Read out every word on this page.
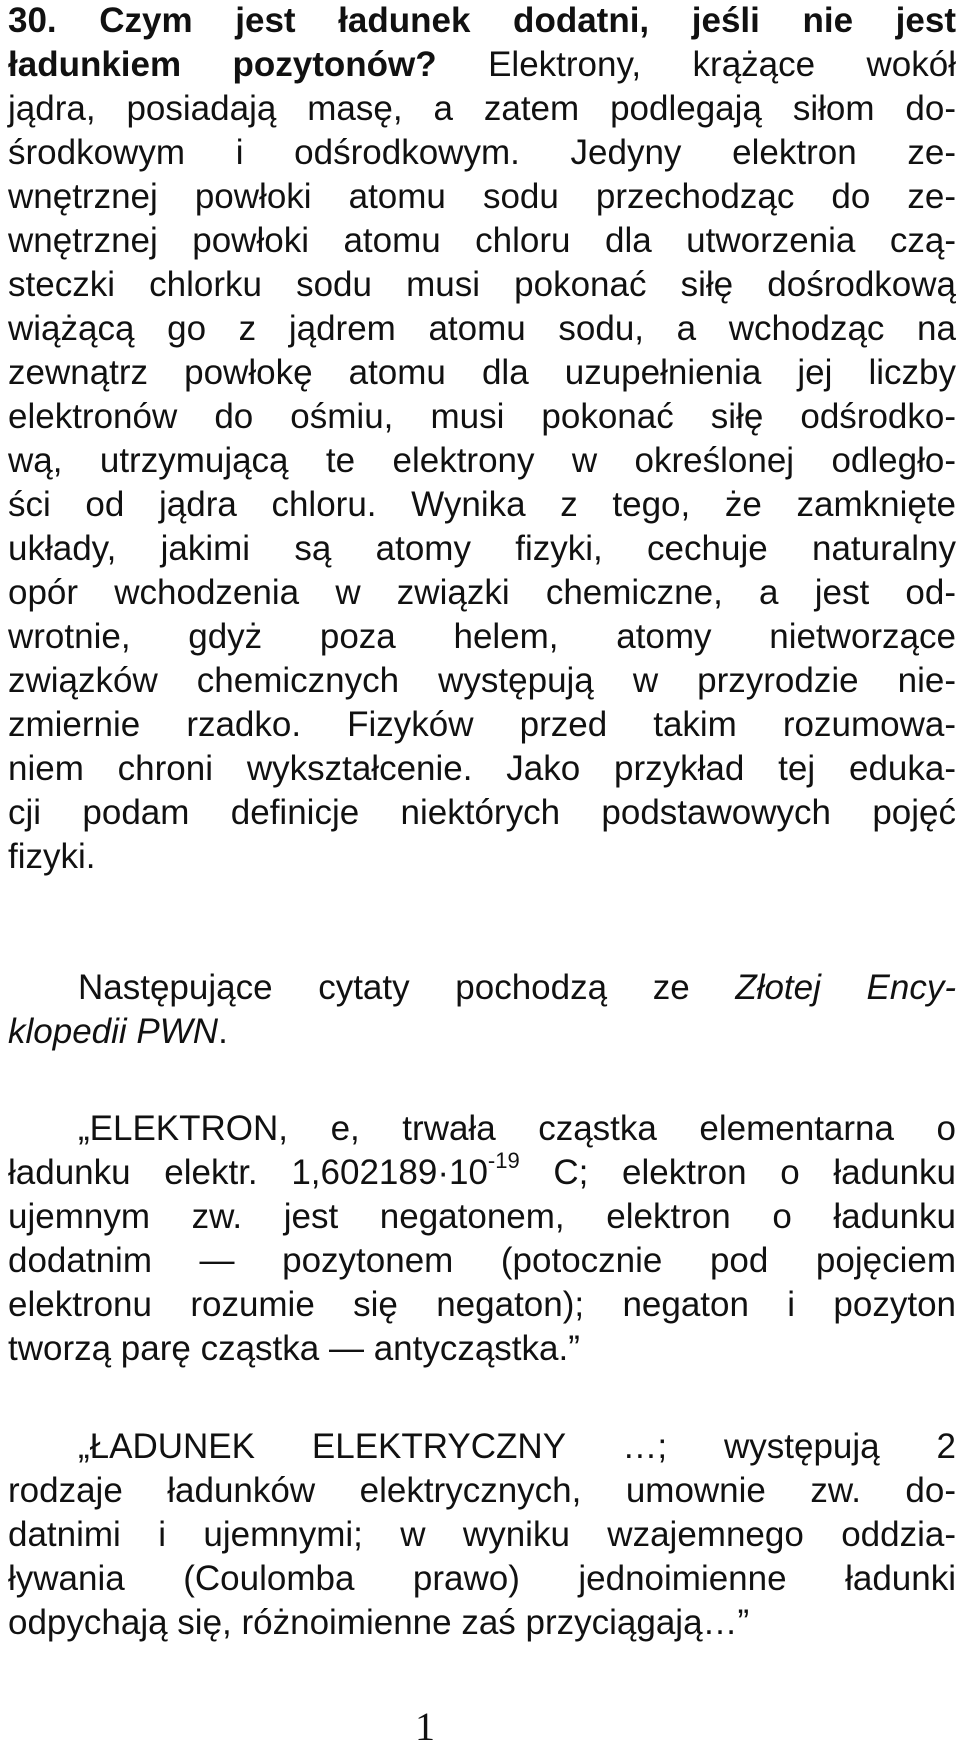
30. Czym jest ładunek dodatni, jeśli nie jest
ładunkiem pozytonów? Elektrony, krążące wokół
jądra, posiadają masę, a zatem podlegają siłom do-
środkowym i odśrodkowym. Jedyny elektron ze-
wnętrznej powłoki atomu sodu przechodząc do ze-
wnętrznej powłoki atomu chloru dla utworzenia czą-
steczki chlorku sodu musi pokonać siłę dośrodkową
wiążącą go z jądrem atomu sodu, a wchodząc na
zewnątrz powłokę atomu dla uzupełnienia jej liczby
elektronów do ośmiu, musi pokonać siłę odśrodko-
wą, utrzymującą te elektrony w określonej odległo-
ści od jądra chloru. Wynika z tego, że zamknięte
układy, jakimi są atomy fizyki, cechuje naturalny
opór wchodzenia w związki chemiczne, a jest od-
wrotnie, gdyż poza helem, atomy nietworzące
związków chemicznych występują w przyrodzie nie-
zmiernie rzadko. Fizyków przed takim rozumowa-
niem chroni wykształcenie. Jako przykład tej eduka-
cji podam definicje niektórych podstawowych pojęć
fizyki.
Następujące cytaty pochodzą ze Złotej Ency-
klopedii PWN.
„ELEKTRON, e, trwała cząstka elementarna o
ładunku elektr. $1,602189\cdot 10^{-19}$ C; elektron o ładunku
ujemnym zw. jest negatonem, elektron o ładunku
dodatnim — pozytonem (potocznie pod pojęciem
elektronu rozumie się negaton); negaton i pozyton
tworzą parę cząstka — antycząstka.”
„ŁADUNEK ELEKTRYCZNY …; występują 2
rodzaje ładunków elektrycznych, umownie zw. do-
datnimi i ujemnymi; w wyniku wzajemnego oddzia-
ływania (Coulomba prawo) jednoimienne ładunki
odpychają się, różnoimienne zaś przyciągają…”
1
